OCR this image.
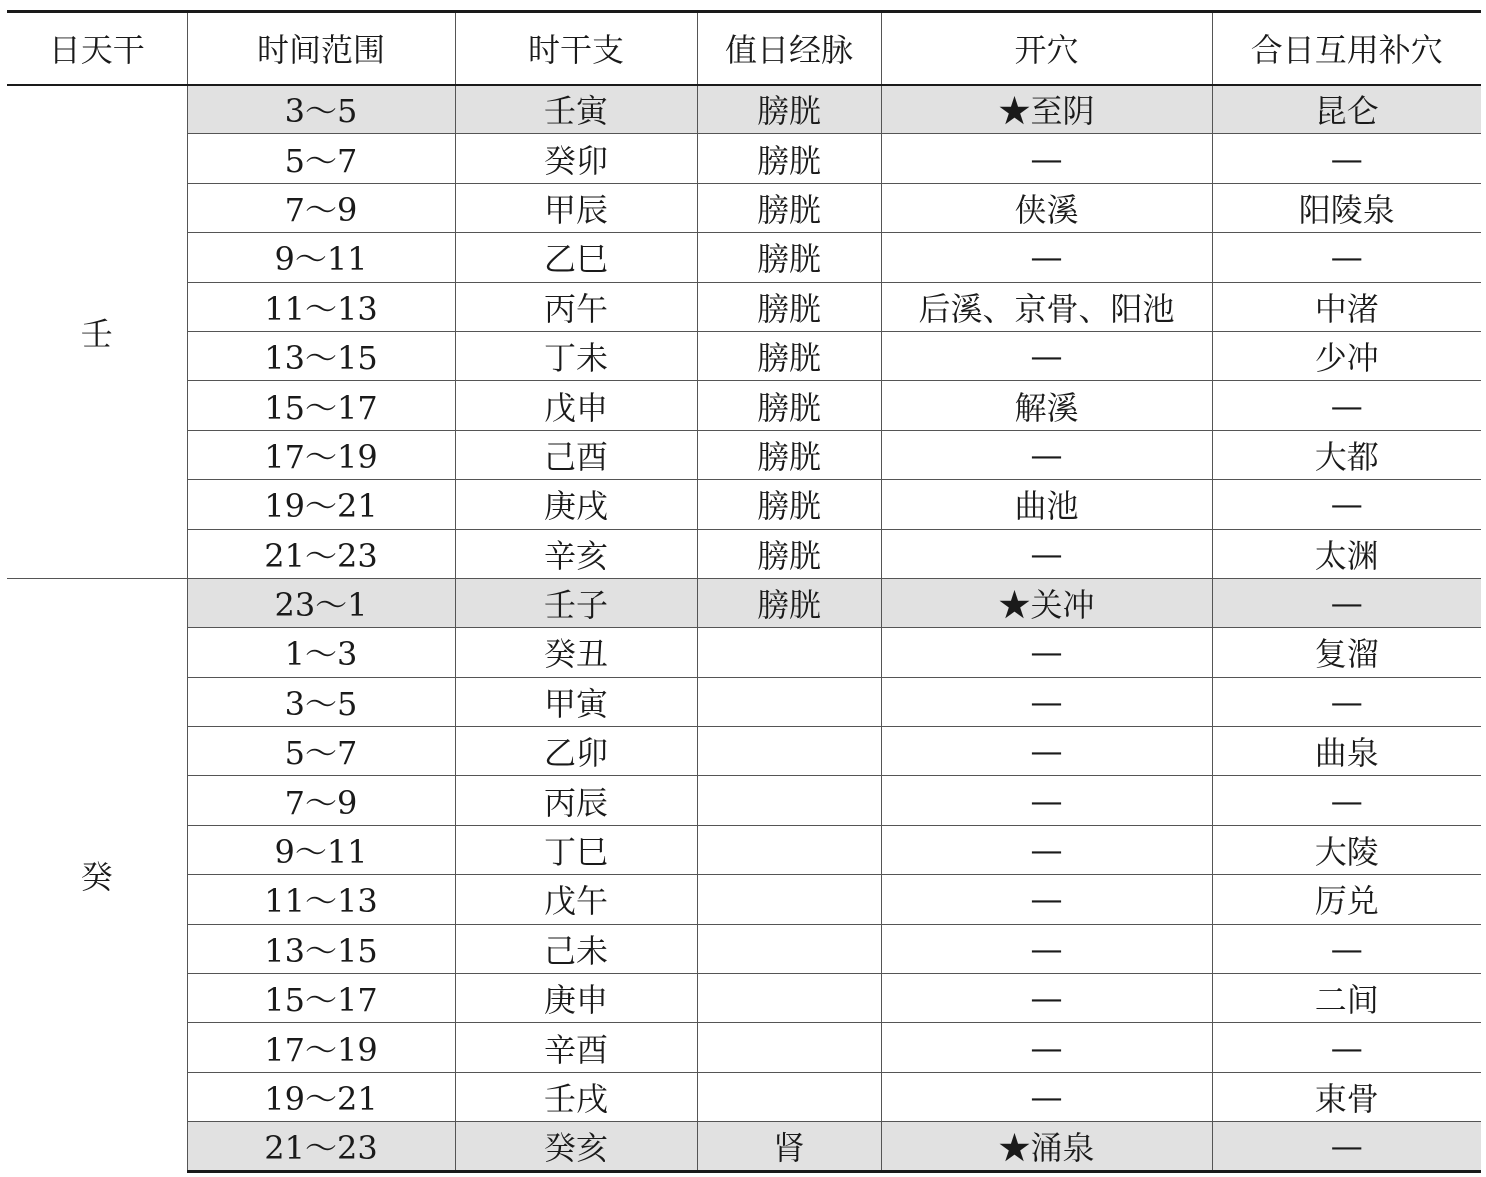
日天干	时间范围	时干支	值日经脉	开穴	合日互用补穴
壬	3～5	壬寅	膀胱	★至阴	昆仑
	5～7	癸卯	膀胱	—	—
	7～9	甲辰	膀胱	侠溪	阳陵泉
	9～11	乙巳	膀胱	—	—
	11～13	丙午	膀胱	后溪、京骨、阳池	中渚
	13～15	丁未	膀胱	—	少冲
	15～17	戊申	膀胱	解溪	—
	17～19	己酉	膀胱	—	大都
	19～21	庚戌	膀胱	曲池	—
	21～23	辛亥	膀胱	—	太渊
癸	23～1	壬子	膀胱	★关冲	—
	1～3	癸丑		—	复溜
	3～5	甲寅		—	—
	5～7	乙卯		—	曲泉
	7～9	丙辰		—	—
	9～11	丁巳		—	大陵
	11～13	戊午		—	厉兑
	13～15	己未		—	—
	15～17	庚申		—	二间
	17～19	辛酉		—	—
	19～21	壬戌		—	束骨
	21～23	癸亥	肾	★涌泉	—
